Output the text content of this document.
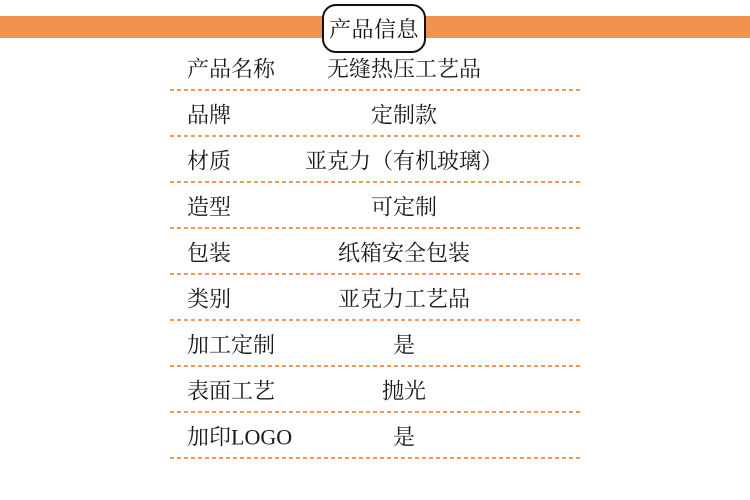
产品信息
产品名称	无缝热压工艺品
品牌	定制款
材质	亚克力（有机玻璃）
造型	可定制
包装	纸箱安全包装
类别	亚克力工艺品
加工定制	是
表面工艺	抛光
加印LOGO	是
